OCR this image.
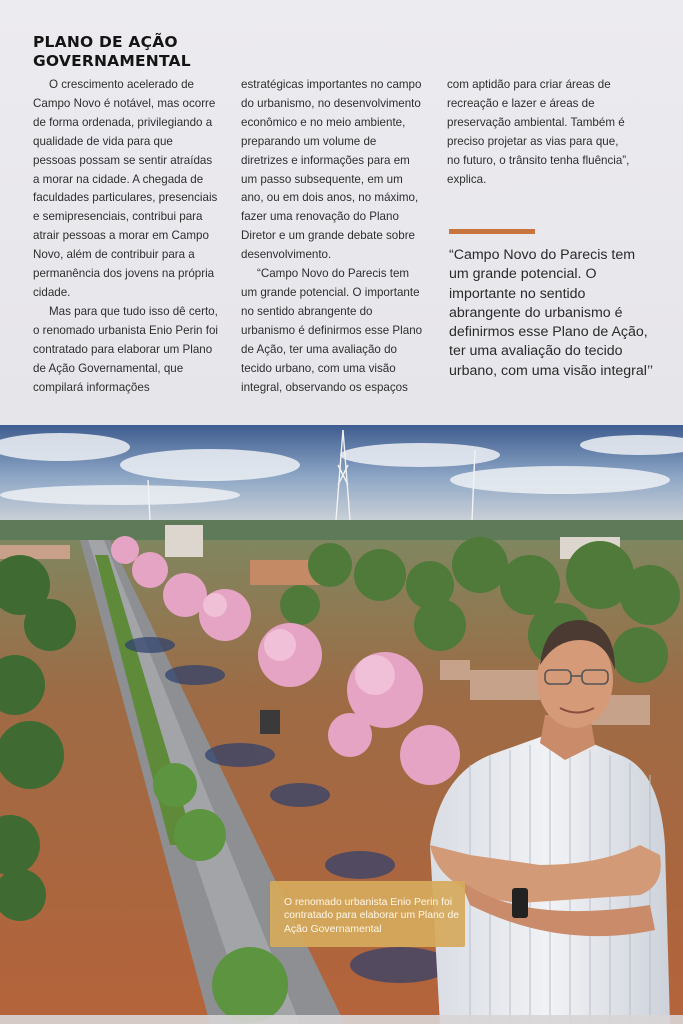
PLANO DE AÇÃO GOVERNAMENTAL

O crescimento acelerado de Campo Novo é notável, mas ocorre de forma ordenada, privilegiando a qualidade de vida para que pessoas possam se sentir atraídas a morar na cidade. A chegada de faculdades particulares, presenciais e semipresenciais, contribui para atrair pessoas a morar em Campo Novo, além de contribuir para a permanência dos jovens na própria cidade.

Mas para que tudo isso dê certo, o renomado urbanista Enio Perin foi contratado para elaborar um Plano de Ação Governamental, que compilará informações

estratégicas importantes no campo do urbanismo, no desenvolvimento econômico e no meio ambiente, preparando um volume de diretrizes e informações para em um passo subsequente, em um ano, ou em dois anos, no máximo, fazer uma renovação do Plano Diretor e um grande debate sobre desenvolvimento.

“Campo Novo do Parecis tem um grande potencial. O importante no sentido abrangente do urbanismo é definirmos esse Plano de Ação, ter uma avaliação do tecido urbano, com uma visão integral, observando os espaços

com aptidão para criar áreas de recreação e lazer e áreas de preservação ambiental. Também é preciso projetar as vias para que, no futuro, o trânsito tenha fluência”, explica.

“Campo Novo do Parecis tem um grande potencial. O importante no sentido abrangente do urbanismo é definirmos esse Plano de Ação, ter uma avaliação do tecido urbano, com uma visão integral’’
O renomado urbanista Enio Perin foi contratado para elaborar um Plano de Ação Governamental
